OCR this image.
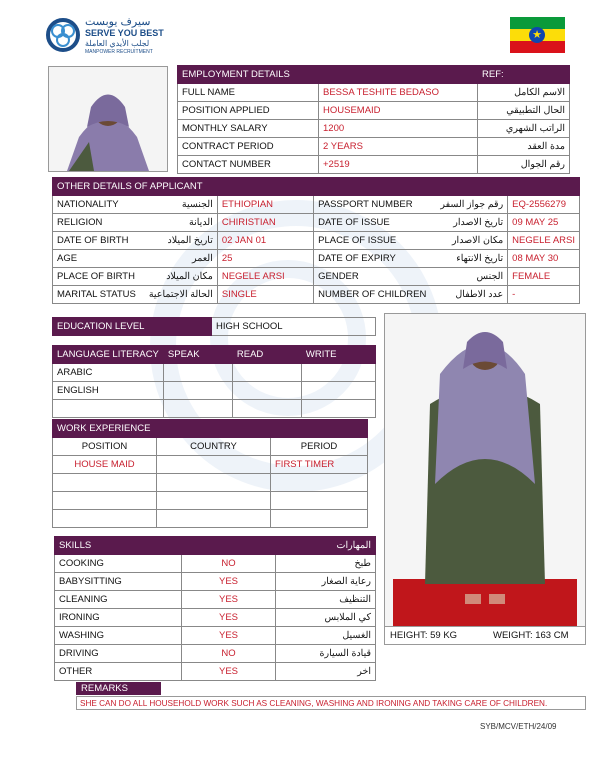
سيرف يوبست
SERVE YOU BEST
لجلب الأيدي العاملة
MANPOWER RECRUITMENT
★
EMPLOYMENT DETAILS		REF:
FULL NAME	BESSA TESHITE BEDASO	الاسم الكامل
POSITION APPLIED	HOUSEMAID	الحال التطبيقي
MONTHLY SALARY	1200	الراتب الشهري
CONTRACT PERIOD	2 YEARS	مدة العقد
CONTACT NUMBER	+2519	رقم الجوال
OTHER DETAILS OF APPLICANT					
NATIONALITY	الجنسية	ETHIOPIAN	PASSPORT NUMBER	رقم جواز السفر	EQ-2556279
RELIGION	الديانة	CHIRISTIAN	DATE OF ISSUE	تاريخ الاصدار	09 MAY 25
DATE OF BIRTH	تاريخ الميلاد	02 JAN 01	PLACE OF ISSUE	مكان الاصدار	NEGELE ARSI
AGE	العمر	25	DATE OF EXPIRY	تاريخ الانتهاء	08 MAY 30
PLACE OF BIRTH	مكان الميلاد	NEGELE ARSI	GENDER	الجنس	FEMALE
MARITAL STATUS	الحالة الاجتماعية	SINGLE	NUMBER OF CHILDREN	عدد الاطفال	-
EDUCATION LEVEL	HIGH SCHOOL
LANGUAGE LITERACY	SPEAK	READ	WRITE
ARABIC			
ENGLISH			

WORK EXPERIENCE		
POSITION	COUNTRY	PERIOD
HOUSE MAID		FIRST TIMER

SKILLS		المهارات
COOKING	NO	طبخ
BABYSITTING	YES	رعاية الصغار
CLEANING	YES	التنظيف
IRONING	YES	كي الملابس
WASHING	YES	الغسيل
DRIVING	NO	قيادة السيارة
OTHER	YES	اخر
HEIGHT: 59 KG	WEIGHT: 163 CM
REMARKS
SHE CAN DO ALL HOUSEHOLD WORK SUCH AS CLEANING, WASHING AND IRONING AND TAKING CARE OF CHILDREN.
SYB/MCV/ETH/24/09
